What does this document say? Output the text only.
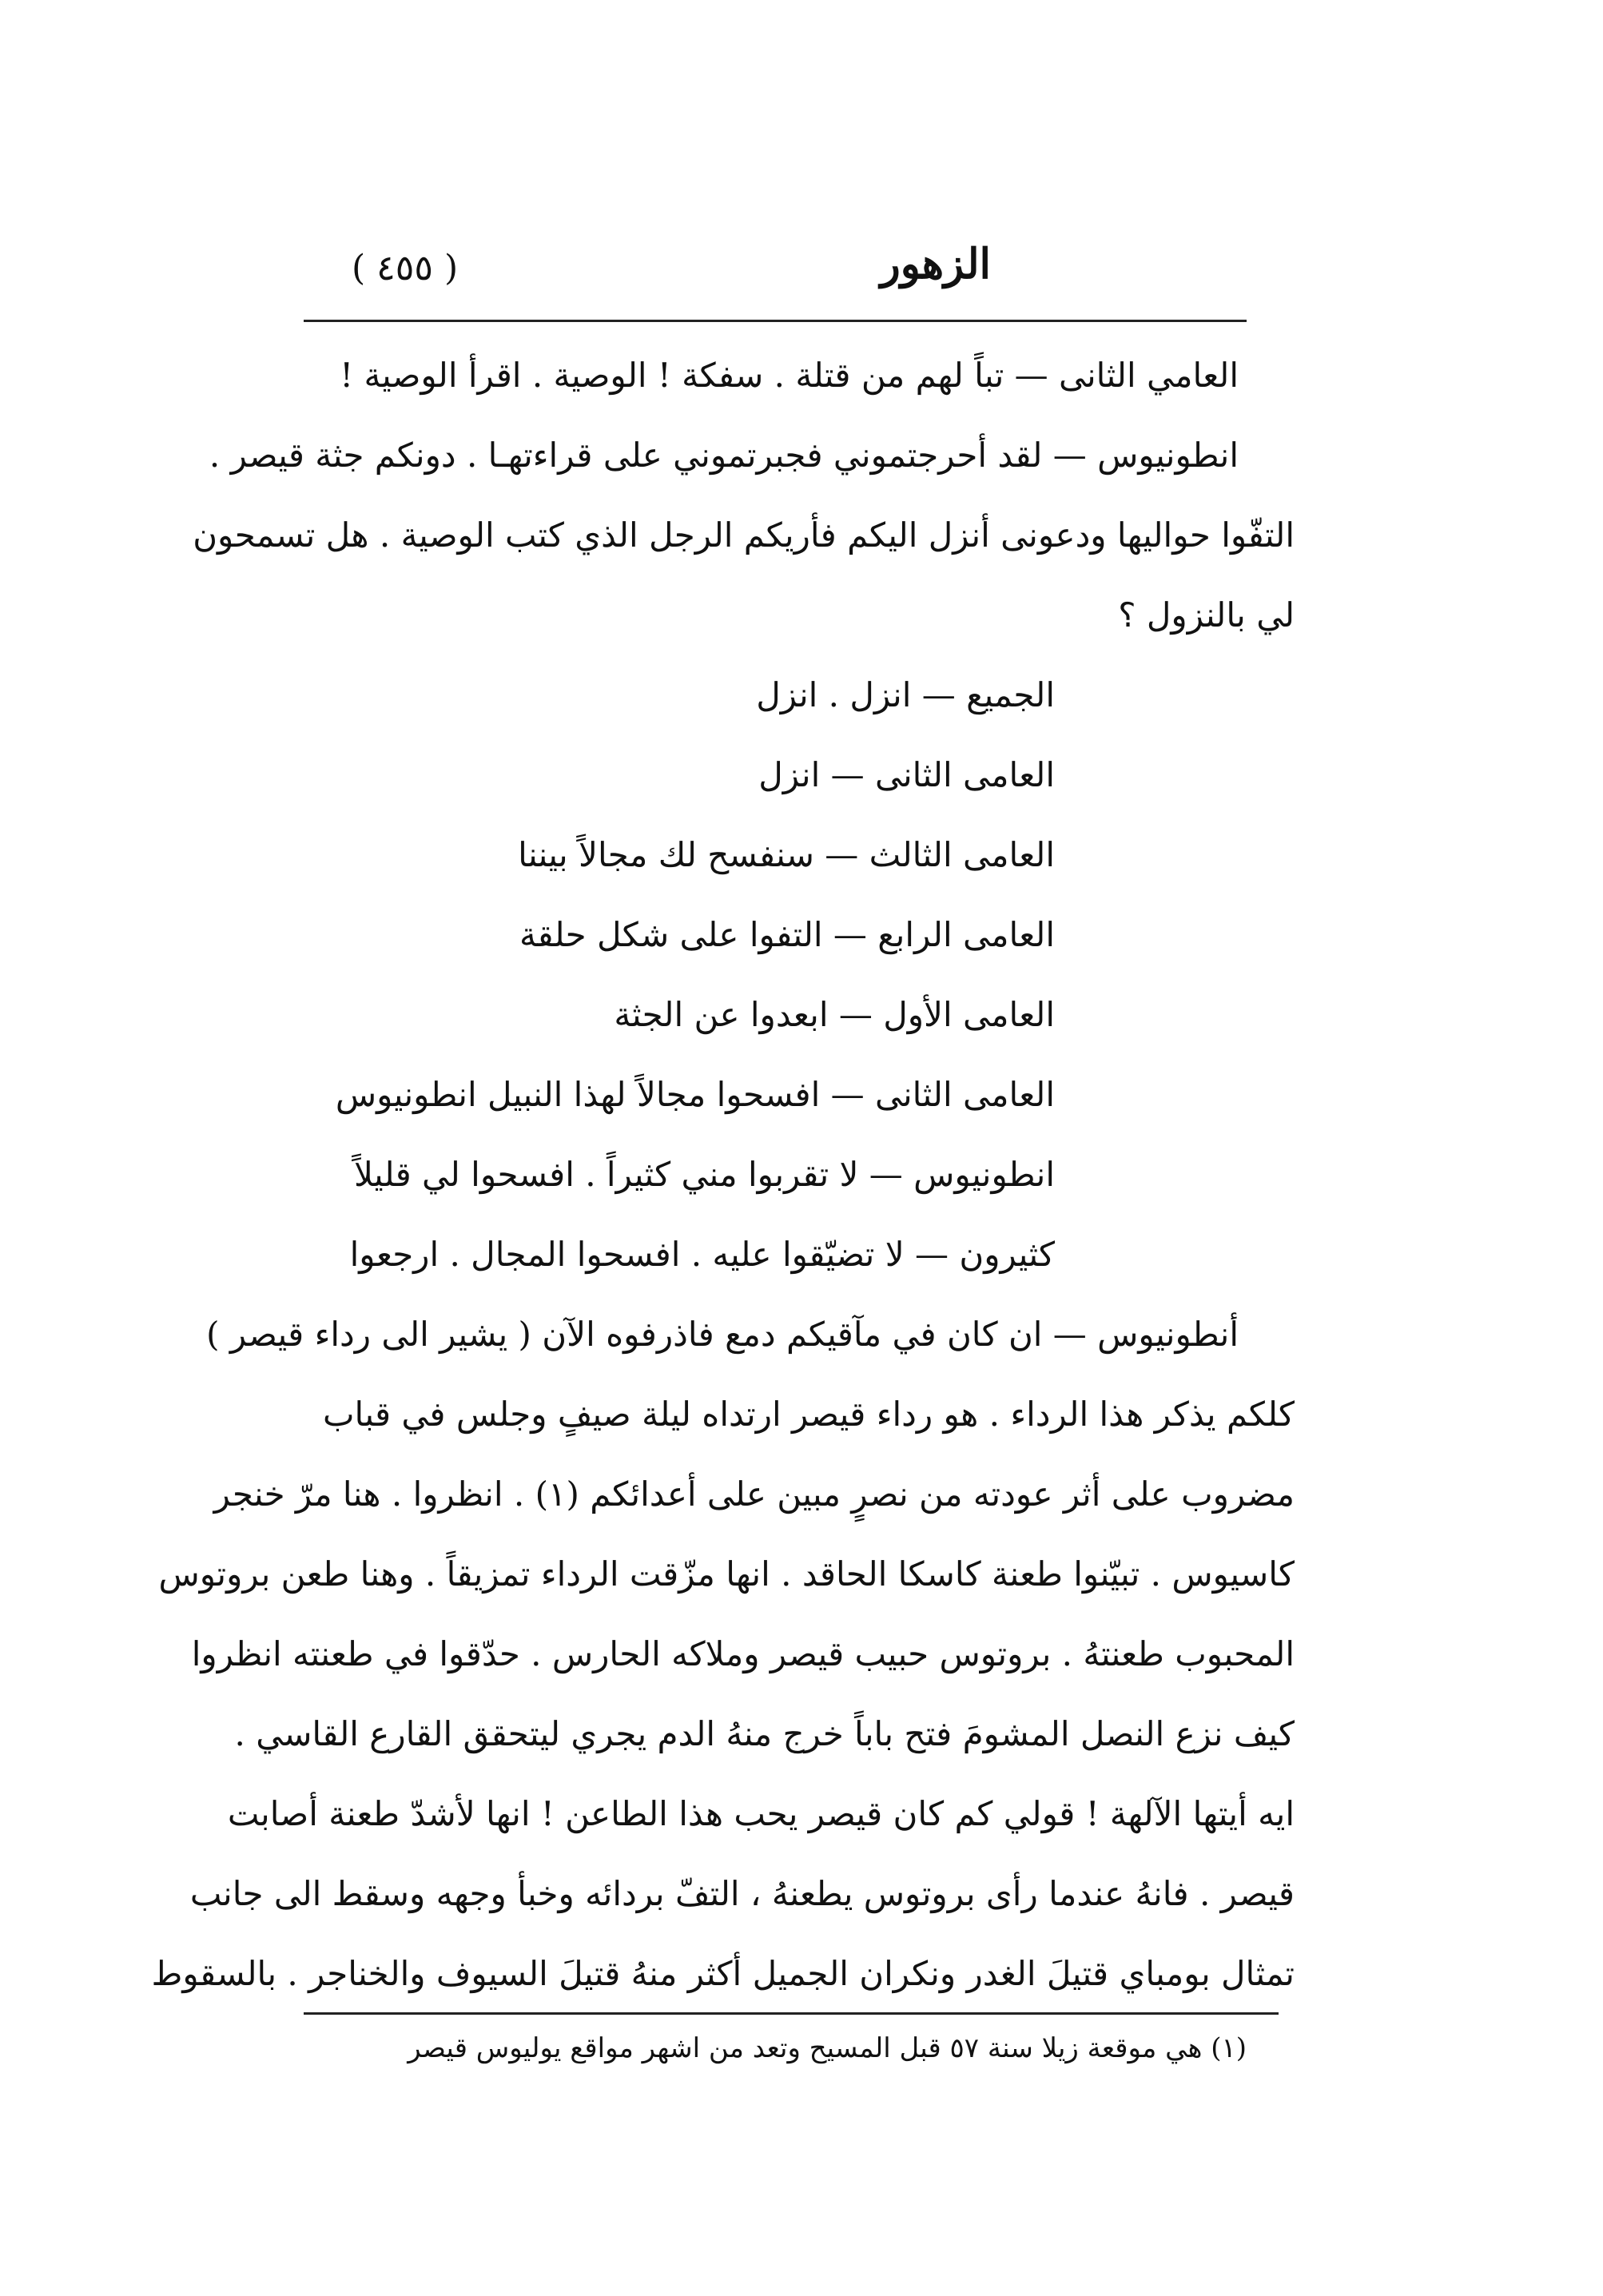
( ٤٥٥ )	الزهور
العامي الثانى — تباً لهم من قتلة . سفكة ! الوصية . اقرأ الوصية !
انطونيوس — لقد أحرجتموني فجبرتموني على قراءتهـا . دونكم جثة قيصر .
التفّوا حواليها ودعونى أنزل اليكم فأريكم الرجل الذي كتب الوصية . هل تسمحون
لي بالنزول ؟
الجميع — انزل . انزل
العامى الثانى — انزل
العامى الثالث — سنفسح لك مجالاً بيننا
العامى الرابع — التفوا على شكل حلقة
العامى الأول — ابعدوا عن الجثة
العامى الثانى — افسحوا مجالاً لهذا النبيل انطونيوس
انطونيوس — لا تقربوا مني كثيراً . افسحوا لي قليلاً
كثيرون — لا تضيّقوا عليه . افسحوا المجال . ارجعوا
أنطونيوس — ان كان في مآقيكم دمع فاذرفوه الآن ( يشير الى رداء قيصر )
كلكم يذكر هذا الرداء . هو رداء قيصر ارتداه ليلة صيفٍ وجلس في قباب
مضروب على أثر عودته من نصرٍ مبين على أعدائكم (١) . انظروا . هنا مرّ خنجر
كاسيوس . تبيّنوا طعنة كاسكا الحاقد . انها مزّقت الرداء تمزيقاً . وهنا طعن بروتوس
المحبوب طعنتهُ . بروتوس حبيب قيصر وملاكه الحارس . حدّقوا في طعنته انظروا
كيف نزع النصل المشومَ فتح باباً خرج منهُ الدم يجري ليتحقق القارع القاسي .
ايه أيتها الآلهة ! قولي كم كان قيصر يحب هذا الطاعن ! انها لأشدّ طعنة أصابت
قيصر . فانهُ عندما رأى بروتوس يطعنهُ ، التفّ بردائه وخبأ وجهه وسقط الى جانب
تمثال بومباي قتيلَ الغدر ونكران الجميل أكثر منهُ قتيلَ السيوف والخناجر . بالسقوط
(١) هي موقعة زيلا سنة ٥٧ قبل المسيح وتعد من اشهر مواقع يوليوس قيصر
